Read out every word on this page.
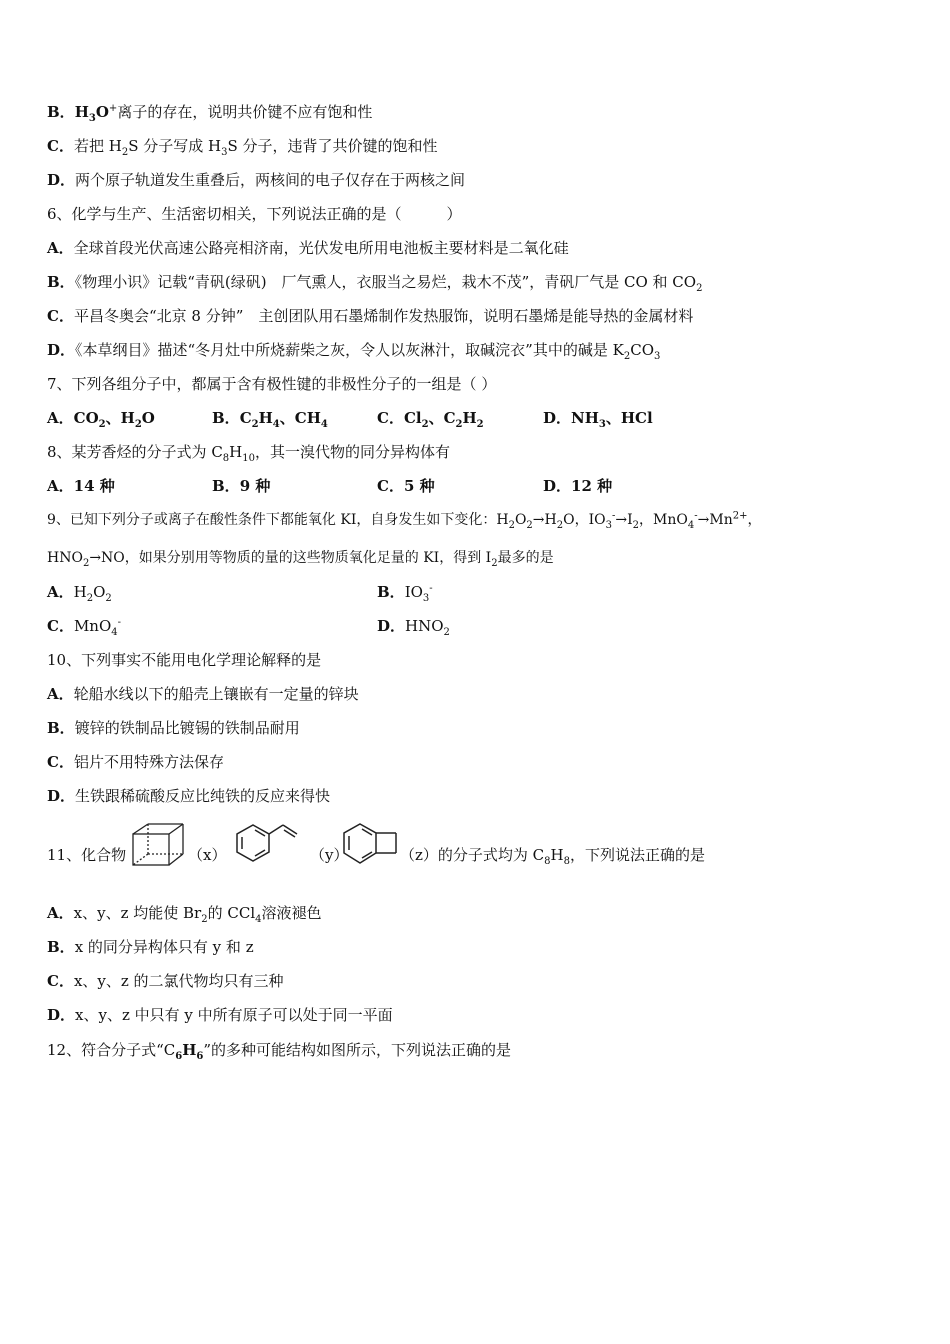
B．$H_3O^+$离子的存在，说明共价键不应有饱和性
C．若把 $H_2S$ 分子写成 $H_3S$ 分子，违背了共价键的饱和性
D．两个原子轨道发生重叠后，两核间的电子仅存在于两核之间
6、化学与生产、生活密切相关，下列说法正确的是（　　　）
A．全球首段光伏高速公路亮相济南，光伏发电所用电池板主要材料是二氧化硅
B．《物理小识》记载“青矾(绿矾)　厂气熏人，衣服当之易烂，栽木不茂”，青矾厂气是 CO 和 $CO_2$
C．平昌冬奥会“北京 8 分钟”　主创团队用石墨烯制作发热服饰，说明石墨烯是能导热的金属材料
D．《本草纲目》描述“冬月灶中所烧薪柴之灰，令人以灰淋汁，取碱浣衣”其中的碱是 $K_2CO_3$
7、下列各组分子中，都属于含有极性键的非极性分子的一组是（ ）
A．$CO_2$、$H_2O$	B．$C_2H_4$、$CH_4$	C．$Cl_2$、$C_2H_2$	D．$NH_3$、HCl
8、某芳香烃的分子式为 $C_8H_{10}$，其一溴代物的同分异构体有
A．14 种	B．9 种	C．5 种	D．12 种
9、已知下列分子或离子在酸性条件下都能氧化 KI，自身发生如下变化：$H_2O_2\to H_2O$，$IO_3^-\to I_2$，$MnO_4^-\to Mn^{2+}$，
$HNO_2\to NO$，如果分别用等物质的量的这些物质氧化足量的 KI，得到 $I_2$最多的是
A．$H_2O_2$	B．$IO_3^-$
C．MnO$_4$-	D．$HNO_2$
10、下列事实不能用电化学理论解释的是
A．轮船水线以下的船壳上镶嵌有一定量的锌块
B．镀锌的铁制品比镀锡的铁制品耐用
C．铝片不用特殊方法保存
D．生铁跟稀硫酸反应比纯铁的反应来得快
11、化合物	（x）	（y）	（z）的分子式均为 $C_8H_8$，下列说法正确的是
A．x、y、z 均能使 $Br_2$的 CCl$_4$溶液褪色
B．x 的同分异构体只有 y 和 z
C．x、y、z 的二氯代物均只有三种
D．x、y、z 中只有 y 中所有原子可以处于同一平面
12、符合分子式“$C_6H_6$”的多种可能结构如图所示，下列说法正确的是
